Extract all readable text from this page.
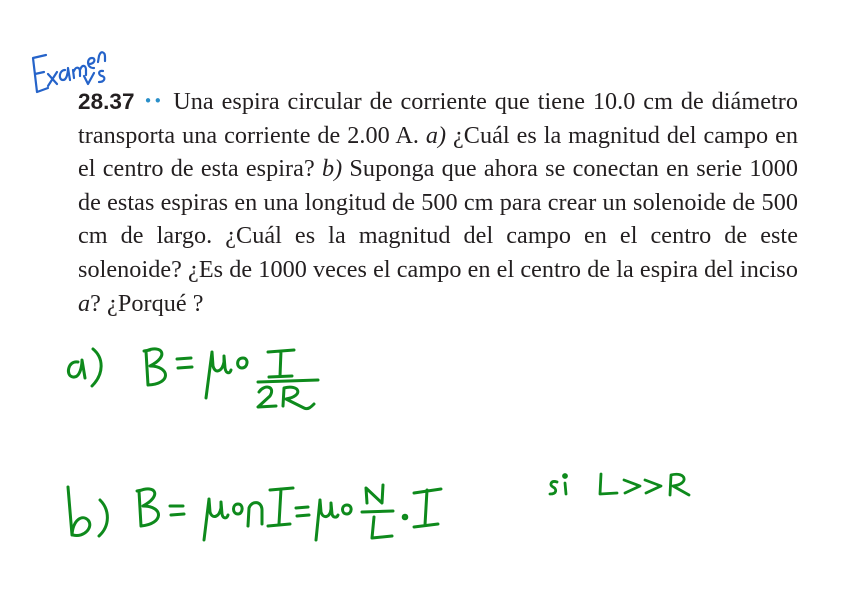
28.37 •• Una espira circular de corriente que tiene 10.0 cm de diámetro transporta una corriente de 2.00 A. a) ¿Cuál es la magnitud del campo en el centro de esta espira? b) Suponga que ahora se conectan en serie 1000 de estas espiras en una longitud de 500 cm para crear un solenoide de 500 cm de largo. ¿Cuál es la magnitud del campo en el centro de este solenoide? ¿Es de 1000 veces el campo en el centro de la espira del inciso a? ¿Porqué ?
